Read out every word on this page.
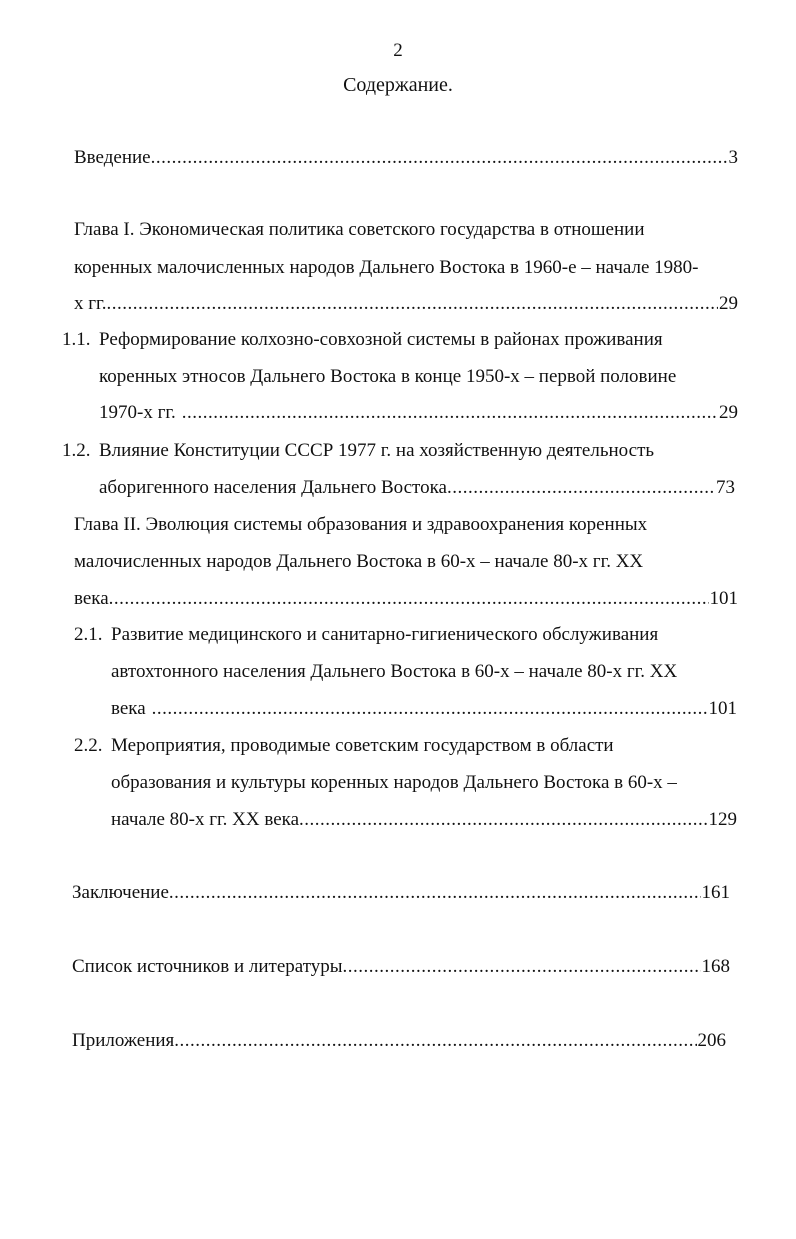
2
Содержание.
Введение .....	3
Глава I. Экономическая политика советского государства в отношении
коренных малочисленных народов Дальнего Востока в 1960-е – начале 1980-
х гг. .....	29
1.1. Реформирование колхозно-совхозной системы в районах проживания
коренных этносов Дальнего Востока в конце 1950-х – первой половине
1970-х гг. .....	29
1.2. Влияние Конституции СССР 1977 г. на хозяйственную деятельность
аборигенного населения Дальнего Востока .....	73
Глава II. Эволюция системы образования и здравоохранения коренных
малочисленных народов Дальнего Востока в 60-х – начале 80-х гг. XX
века .....	101
2.1. Развитие медицинского и санитарно-гигиенического обслуживания
автохтонного населения Дальнего Востока в 60-х – начале 80-х гг. XX
века .....	101
2.2. Мероприятия, проводимые советским государством в области
образования и культуры коренных народов Дальнего Востока в 60-х –
начале 80-х гг. XX века .....	129
Заключение .....	161
Список источников и литературы .....	168
Приложения .....	206
